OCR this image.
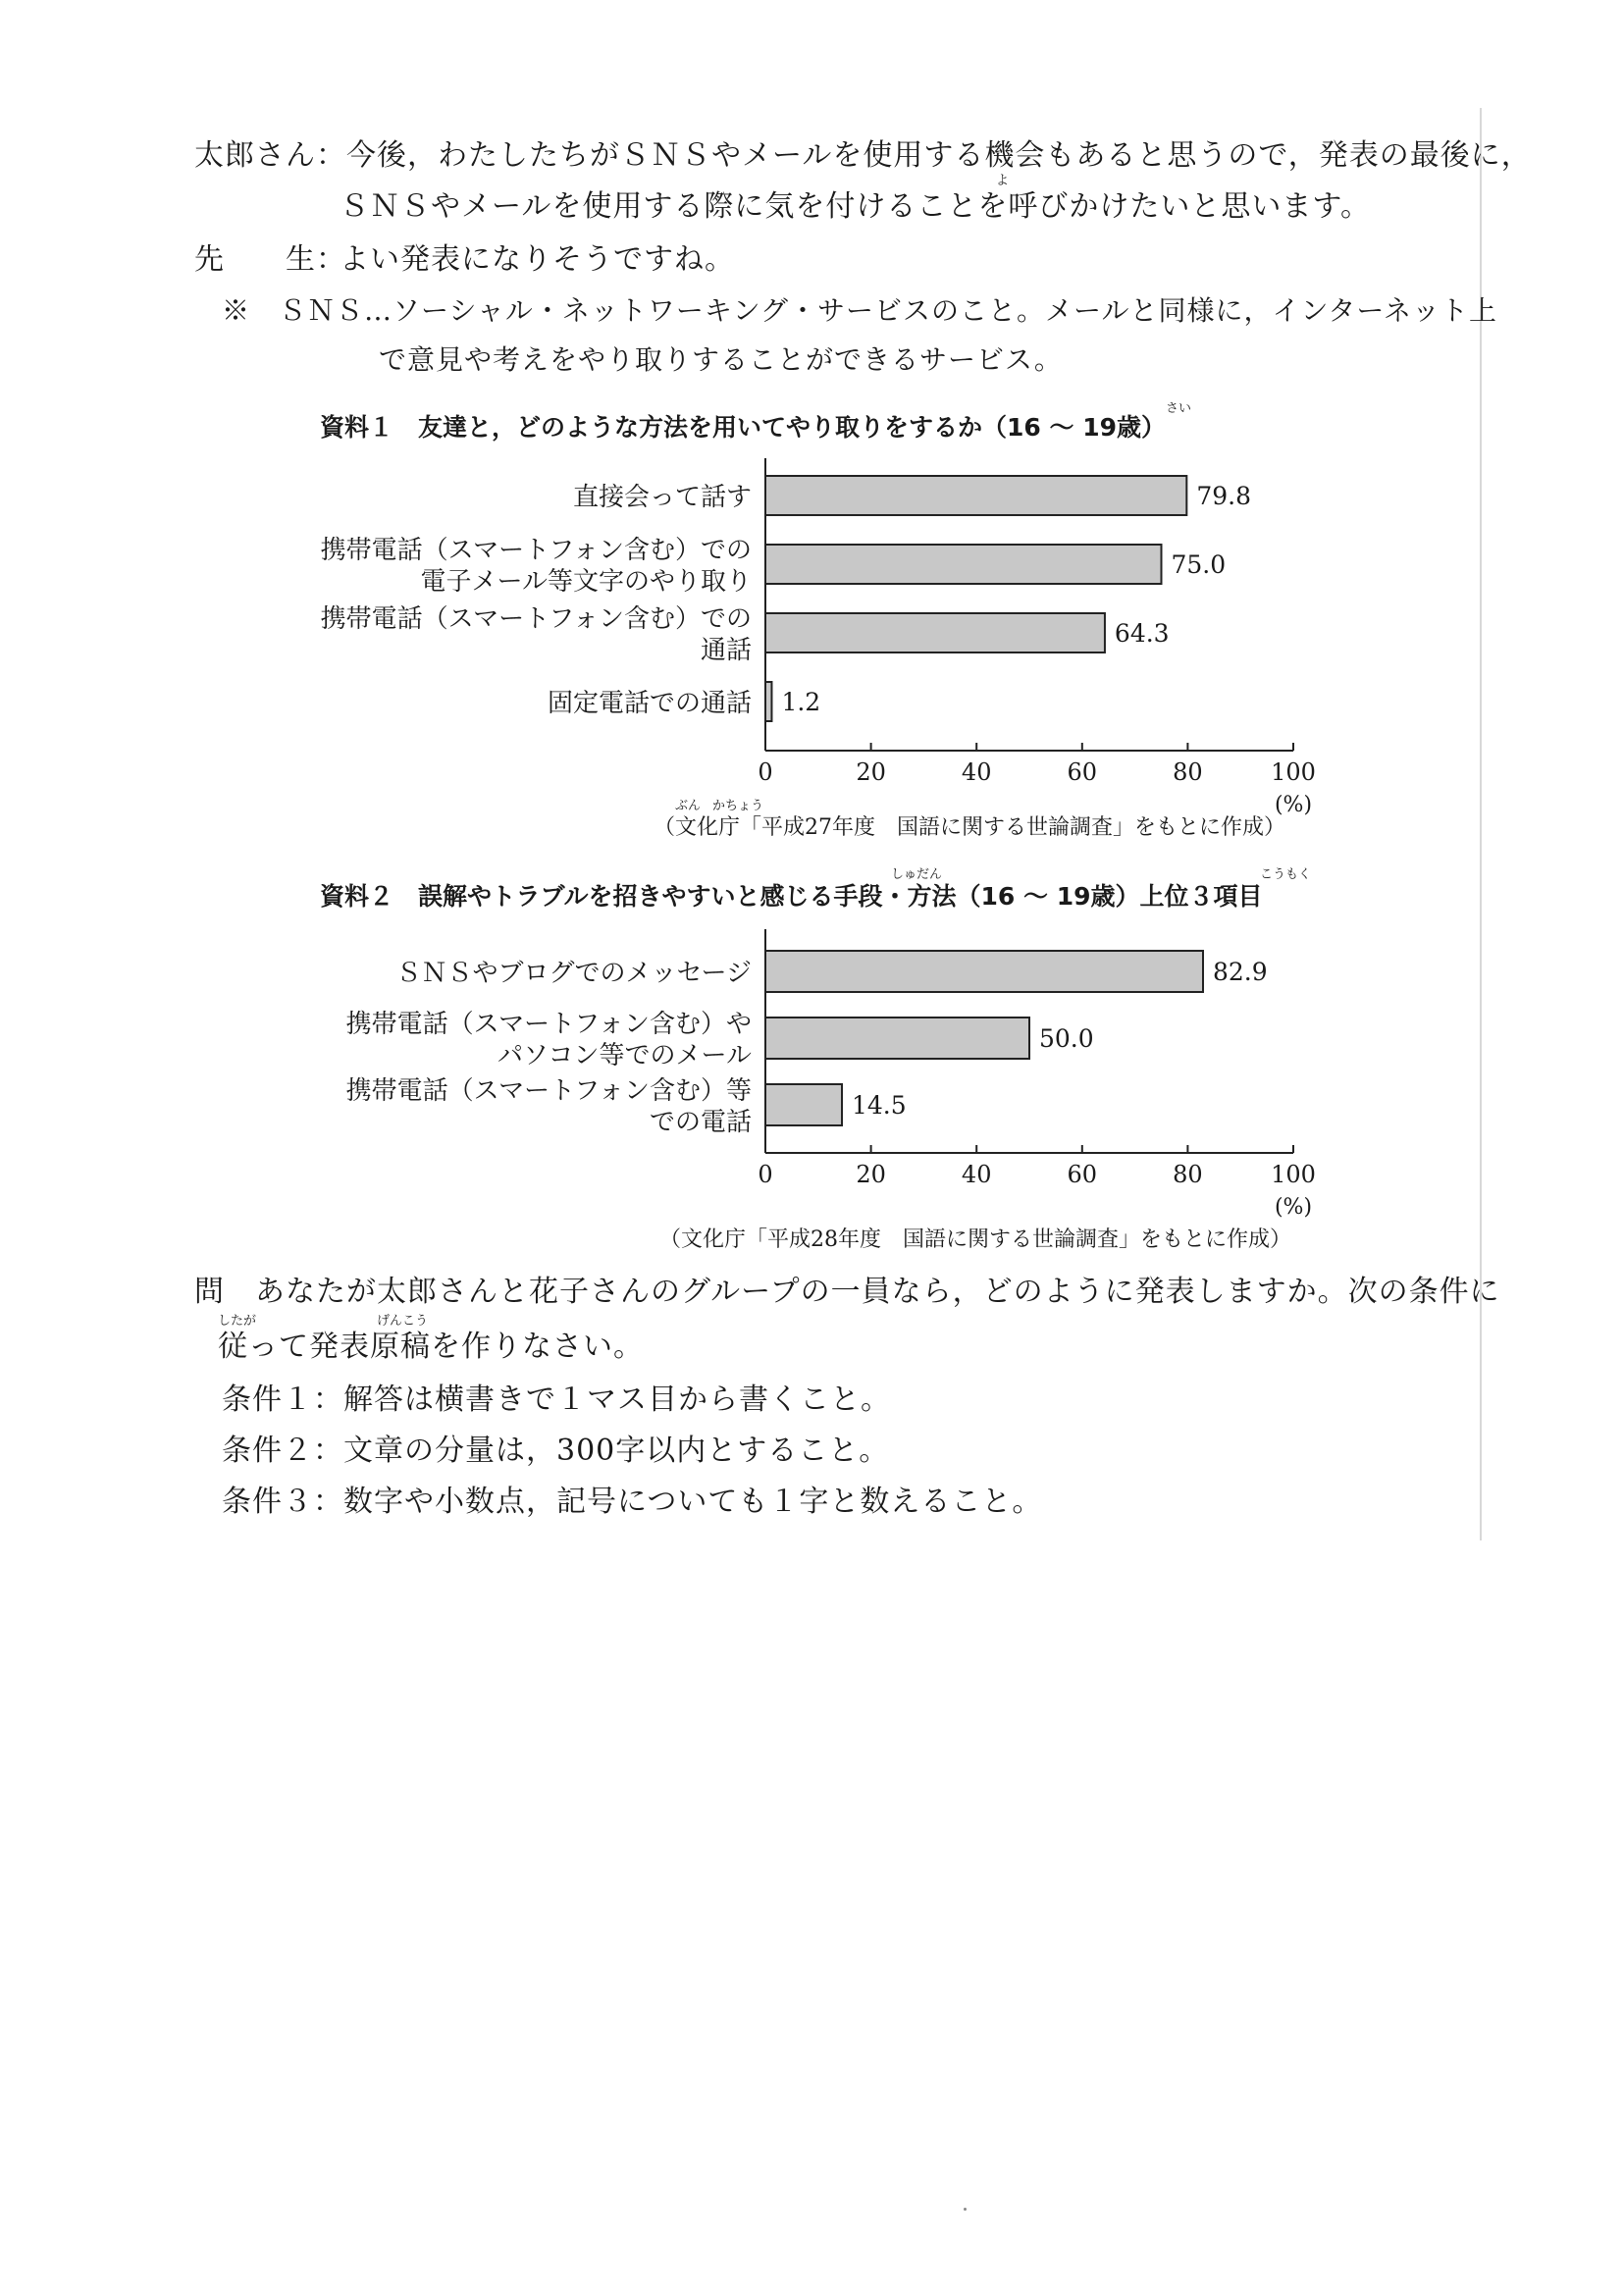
太郎さん：今後，わたしたちがＳＮＳやメールを使用する機会もあると思うので，発表の最後に，
よ
ＳＮＳやメールを使用する際に気を付けることを呼びかけたいと思います。
先　　生：
よい発表になりそうですね。
※　ＳＮＳ…ソーシャル・ネットワーキング・サービスのこと。メールと同様に，インターネット上
で意見や考えをやり取りすることができるサービス。
さい
資料１　友達と，どのような方法を用いてやり取りをするか（16 ～ 19歳）
0	20	40	60	80	100
(%)
79.8
直接会って話す
75.0
携帯電話（スマートフォン含む）での
電子メール等文字のやり取り
64.3
携帯電話（スマートフォン含む）での
通話
1.2
固定電話での通話
ぶん かちょう
（文化庁「平成27年度　国語に関する世論調査」をもとに作成）
しゅだん	こうもく
資料２　誤解やトラブルを招きやすいと感じる手段・方法（16 ～ 19歳）上位３項目
0	20	40	60	80	100
(%)
82.9
ＳＮＳやブログでのメッセージ
50.0
携帯電話（スマートフォン含む）や
パソコン等でのメール
14.5
携帯電話（スマートフォン含む）等
での電話
（文化庁「平成28年度　国語に関する世論調査」をもとに作成）
問　あなたが太郎さんと花子さんのグループの一員なら，どのように発表しますか。次の条件に
したが	げんこう
従って発表原稿を作りなさい。
条件１：解答は横書きで１マス目から書くこと。
条件２：文章の分量は，300字以内とすること。
条件３：数字や小数点，記号についても１字と数えること。
